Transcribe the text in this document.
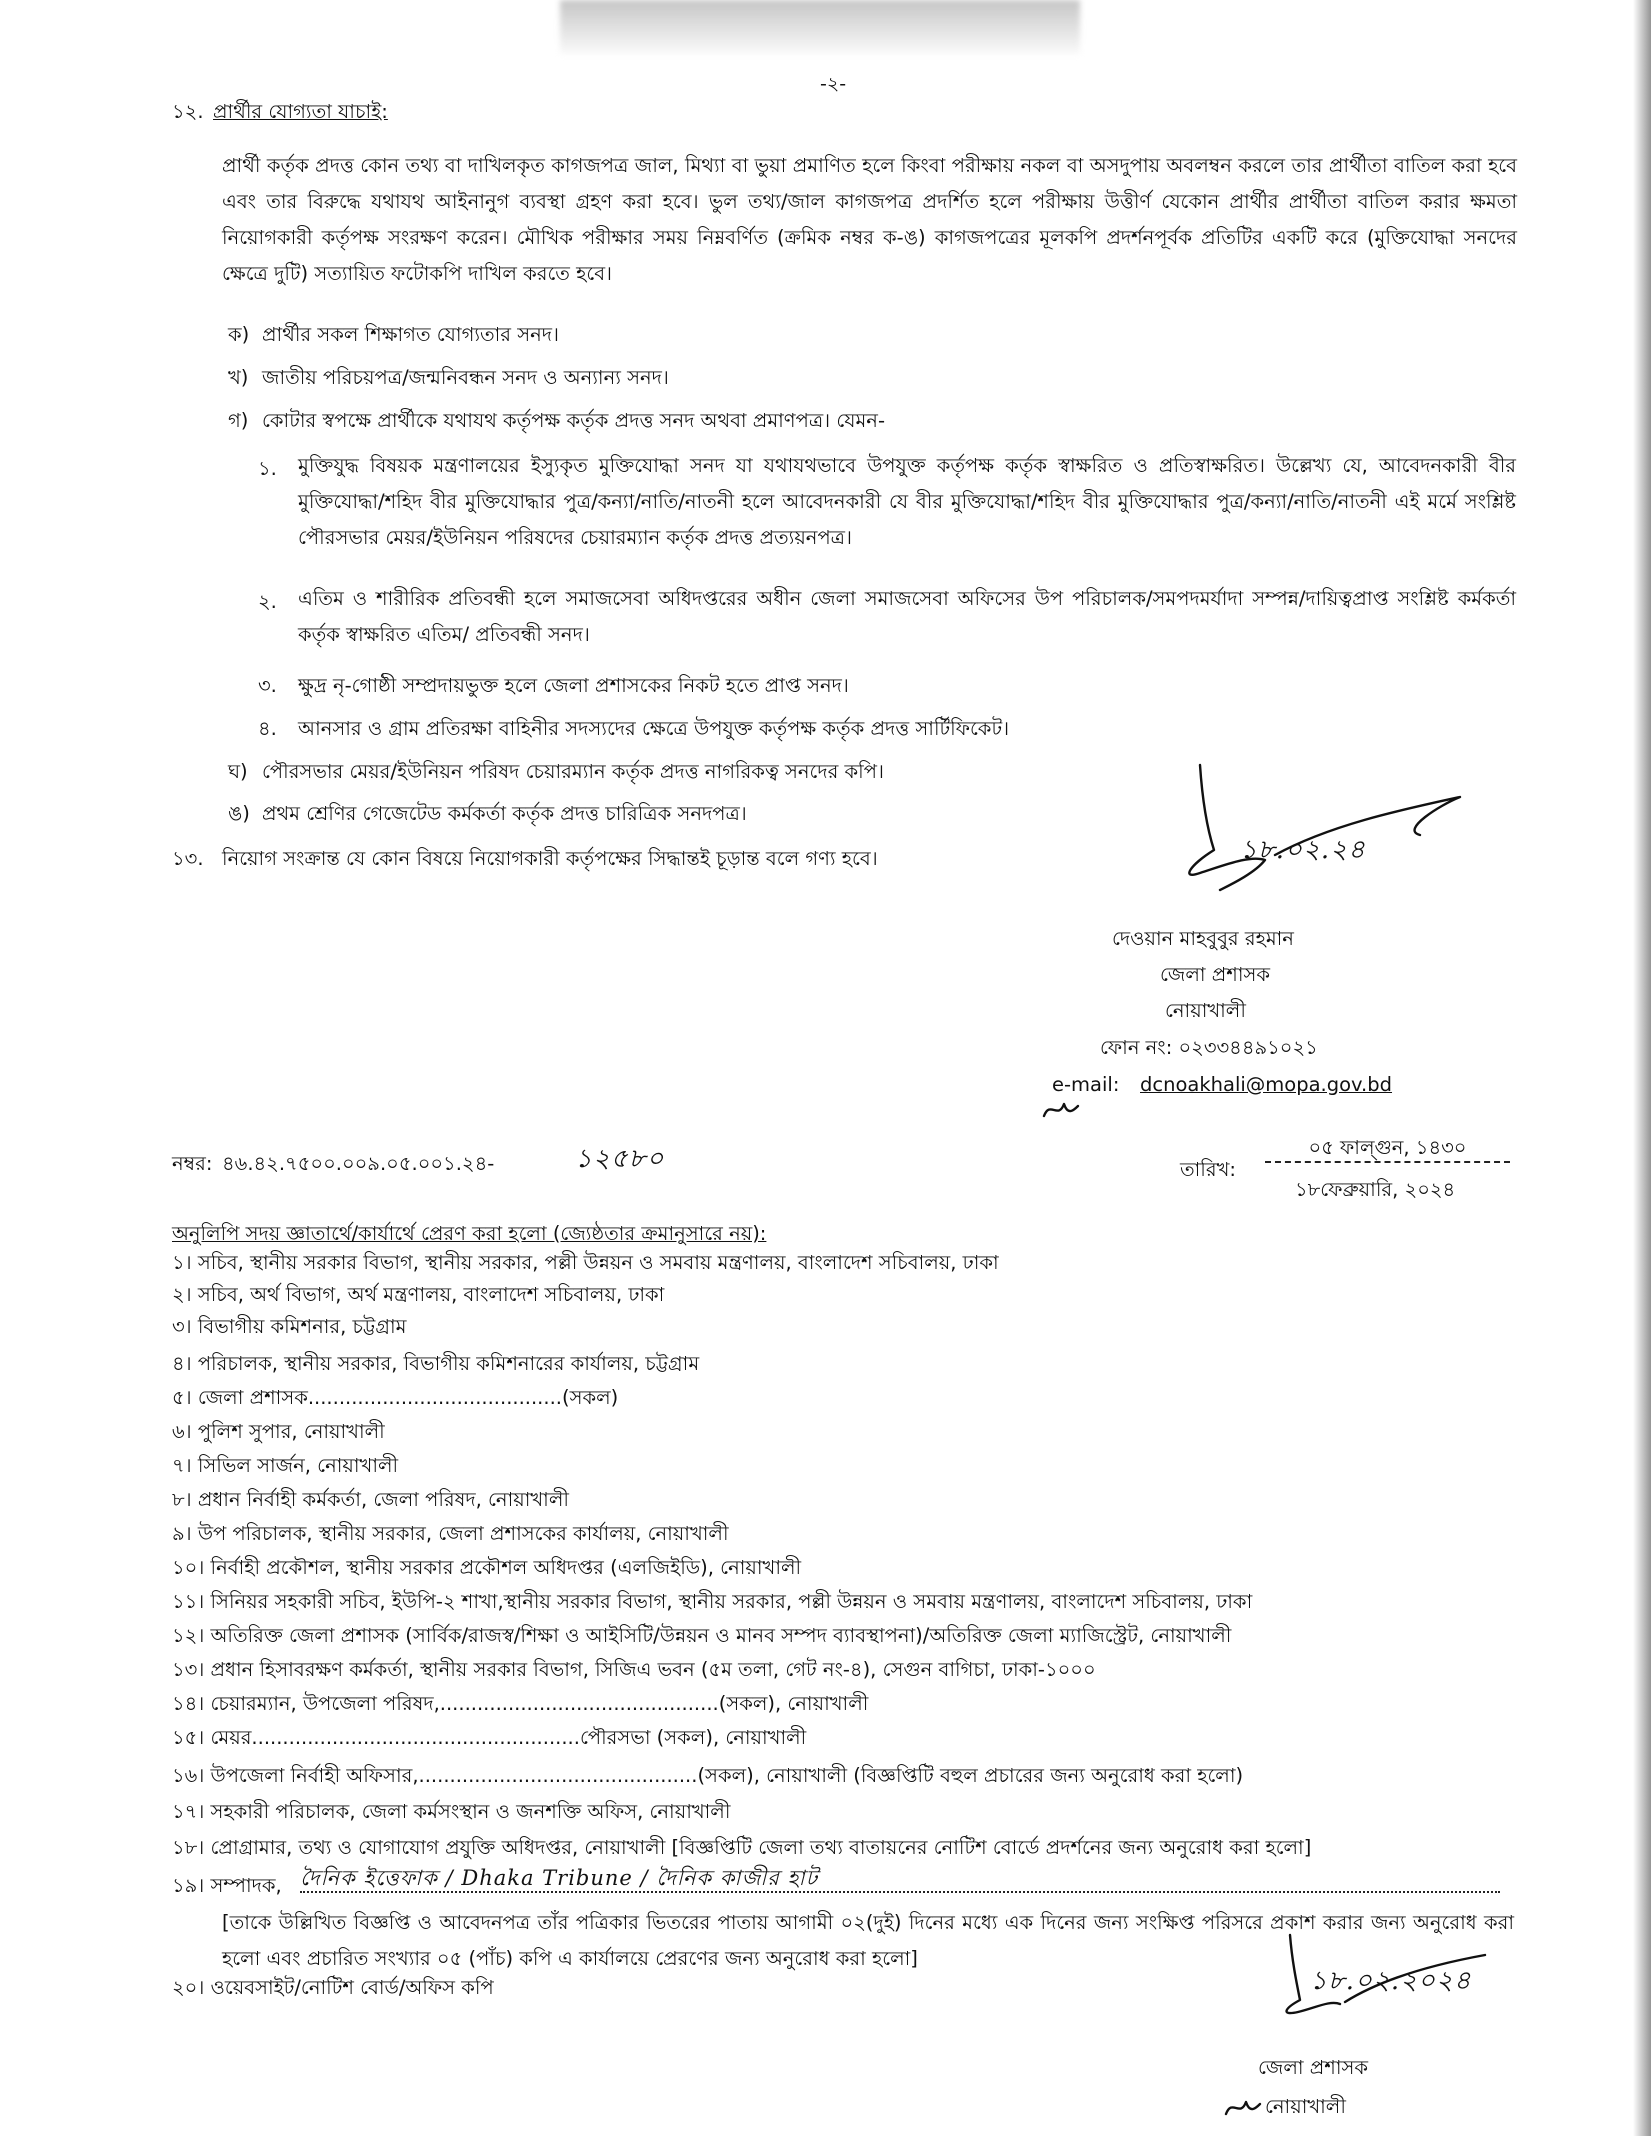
-২-
১২. প্রার্থীর যোগ্যতা যাচাই:
প্রার্থী কর্তৃক প্রদত্ত কোন তথ্য বা দাখিলকৃত কাগজপত্র জাল, মিথ্যা বা ভুয়া প্রমাণিত হলে কিংবা পরীক্ষায় নকল বা অসদুপায় অবলম্বন করলে তার প্রার্থীতা বাতিল করা হবে এবং তার বিরুদ্ধে যথাযথ আইনানুগ ব্যবস্থা গ্রহণ করা হবে। ভুল তথ্য/জাল কাগজপত্র প্রদর্শিত হলে পরীক্ষায় উত্তীর্ণ যেকোন প্রার্থীর প্রার্থীতা বাতিল করার ক্ষমতা নিয়োগকারী কর্তৃপক্ষ সংরক্ষণ করেন। মৌখিক পরীক্ষার সময় নিম্নবর্ণিত (ক্রমিক নম্বর ক-ঙ) কাগজপত্রের মূলকপি প্রদর্শনপূর্বক প্রতিটির একটি করে (মুক্তিযোদ্ধা সনদের ক্ষেত্রে দুটি) সত্যায়িত ফটোকপি দাখিল করতে হবে।
ক) প্রার্থীর সকল শিক্ষাগত যোগ্যতার সনদ।
খ) জাতীয় পরিচয়পত্র/জন্মনিবন্ধন সনদ ও অন্যান্য সনদ।
গ) কোটার স্বপক্ষে প্রার্থীকে যথাযথ কর্তৃপক্ষ কর্তৃক প্রদত্ত সনদ অথবা প্রমাণপত্র। যেমন-
১. মুক্তিযুদ্ধ বিষয়ক মন্ত্রণালয়ের ইস্যুকৃত মুক্তিযোদ্ধা সনদ যা যথাযথভাবে উপযুক্ত কর্তৃপক্ষ কর্তৃক স্বাক্ষরিত ও প্রতিস্বাক্ষরিত। উল্লেখ্য যে, আবেদনকারী বীর মুক্তিযোদ্ধা/শহিদ বীর মুক্তিযোদ্ধার পুত্র/কন্যা/নাতি/নাতনী হলে আবেদনকারী যে বীর মুক্তিযোদ্ধা/শহিদ বীর মুক্তিযোদ্ধার পুত্র/কন্যা/নাতি/নাতনী এই মর্মে সংশ্লিষ্ট পৌরসভার মেয়র/ইউনিয়ন পরিষদের চেয়ারম্যান কর্তৃক প্রদত্ত প্রত্যয়নপত্র।
২. এতিম ও শারীরিক প্রতিবন্ধী হলে সমাজসেবা অধিদপ্তরের অধীন জেলা সমাজসেবা অফিসের উপ পরিচালক/সমপদমর্যাদা সম্পন্ন/দায়িত্বপ্রাপ্ত সংশ্লিষ্ট কর্মকর্তা কর্তৃক স্বাক্ষরিত এতিম/ প্রতিবন্ধী সনদ।
৩. ক্ষুদ্র নৃ-গোষ্ঠী সম্প্রদায়ভুক্ত হলে জেলা প্রশাসকের নিকট হতে প্রাপ্ত সনদ।
৪. আনসার ও গ্রাম প্রতিরক্ষা বাহিনীর সদস্যদের ক্ষেত্রে উপযুক্ত কর্তৃপক্ষ কর্তৃক প্রদত্ত সার্টিফিকেট।
ঘ) পৌরসভার মেয়র/ইউনিয়ন পরিষদ চেয়ারম্যান কর্তৃক প্রদত্ত নাগরিকত্ব সনদের কপি।
ঙ) প্রথম শ্রেণির গেজেটেড কর্মকর্তা কর্তৃক প্রদত্ত চারিত্রিক সনদপত্র।
১৩. নিয়োগ সংক্রান্ত যে কোন বিষয়ে নিয়োগকারী কর্তৃপক্ষের সিদ্ধান্তই চূড়ান্ত বলে গণ্য হবে।	১৮.০২.২৪
দেওয়ান মাহবুবুর রহমান
জেলা প্রশাসক
নোয়াখালী
ফোন নং: ০২৩৩৪৪৯১০২১
e-mail: dcnoakhali@mopa.gov.bd
নম্বর: ৪৬.৪২.৭৫০০.০০৯.০৫.০০১.২৪-	১২৫৮০	তারিখ:
০৫ ফাল্গুন, ১৪৩০
১৮ফেব্রুয়ারি, ২০২৪
অনুলিপি সদয় জ্ঞাতার্থে/কার্যার্থে প্রেরণ করা হলো (জ্যেষ্ঠতার ক্রমানুসারে নয়):
১। সচিব, স্থানীয় সরকার বিভাগ, স্থানীয় সরকার, পল্লী উন্নয়ন ও সমবায় মন্ত্রণালয়, বাংলাদেশ সচিবালয়, ঢাকা
২। সচিব, অর্থ বিভাগ, অর্থ মন্ত্রণালয়, বাংলাদেশ সচিবালয়, ঢাকা
৩। বিভাগীয় কমিশনার, চট্টগ্রাম
৪। পরিচালক, স্থানীয় সরকার, বিভাগীয় কমিশনারের কার্যালয়, চট্টগ্রাম
৫। জেলা প্রশাসক.........................................(সকল)
৬। পুলিশ সুপার, নোয়াখালী
৭। সিভিল সার্জন, নোয়াখালী
৮। প্রধান নির্বাহী কর্মকর্তা, জেলা পরিষদ, নোয়াখালী
৯। উপ পরিচালক, স্থানীয় সরকার, জেলা প্রশাসকের কার্যালয়, নোয়াখালী
১০। নির্বাহী প্রকৌশল, স্থানীয় সরকার প্রকৌশল অধিদপ্তর (এলজিইডি), নোয়াখালী
১১। সিনিয়র সহকারী সচিব, ইউপি-২ শাখা,স্থানীয় সরকার বিভাগ, স্থানীয় সরকার, পল্লী উন্নয়ন ও সমবায় মন্ত্রণালয়, বাংলাদেশ সচিবালয়, ঢাকা
১২। অতিরিক্ত জেলা প্রশাসক (সার্বিক/রাজস্ব/শিক্ষা ও আইসিটি/উন্নয়ন ও মানব সম্পদ ব্যাবস্থাপনা)/অতিরিক্ত জেলা ম্যাজিস্ট্রেট, নোয়াখালী
১৩। প্রধান হিসাবরক্ষণ কর্মকর্তা, স্থানীয় সরকার বিভাগ, সিজিএ ভবন (৫ম তলা, গেট নং-৪), সেগুন বাগিচা, ঢাকা-১০০০
১৪। চেয়ারম্যান, উপজেলা পরিষদ,.............................................(সকল), নোয়াখালী
১৫। মেয়র.....................................................পৌরসভা (সকল), নোয়াখালী
১৬। উপজেলা নির্বাহী অফিসার,.............................................(সকল), নোয়াখালী (বিজ্ঞপ্তিটি বহুল প্রচারের জন্য অনুরোধ করা হলো)
১৭। সহকারী পরিচালক, জেলা কর্মসংস্থান ও জনশক্তি অফিস, নোয়াখালী
১৮। প্রোগ্রামার, তথ্য ও যোগাযোগ প্রযুক্তি অধিদপ্তর, নোয়াখালী [বিজ্ঞপ্তিটি জেলা তথ্য বাতায়নের নোটিশ বোর্ডে প্রদর্শনের জন্য অনুরোধ করা হলো]
১৯। সম্পাদক, দৈনিক ইত্তেফাক / Dhaka Tribune / দৈনিক কাজীর হাট
[তাকে উল্লিখিত বিজ্ঞপ্তি ও আবেদনপত্র তাঁর পত্রিকার ভিতরের পাতায় আগামী ০২(দুই) দিনের মধ্যে এক দিনের জন্য সংক্ষিপ্ত পরিসরে প্রকাশ করার জন্য অনুরোধ করা হলো এবং প্রচারিত সংখ্যার ০৫ (পাঁচ) কপি এ কার্যালয়ে প্রেরণের জন্য অনুরোধ করা হলো]
২০। ওয়েবসাইট/নোটিশ বোর্ড/অফিস কপি	১৮.০২.২০২৪
জেলা প্রশাসক
নোয়াখালী
